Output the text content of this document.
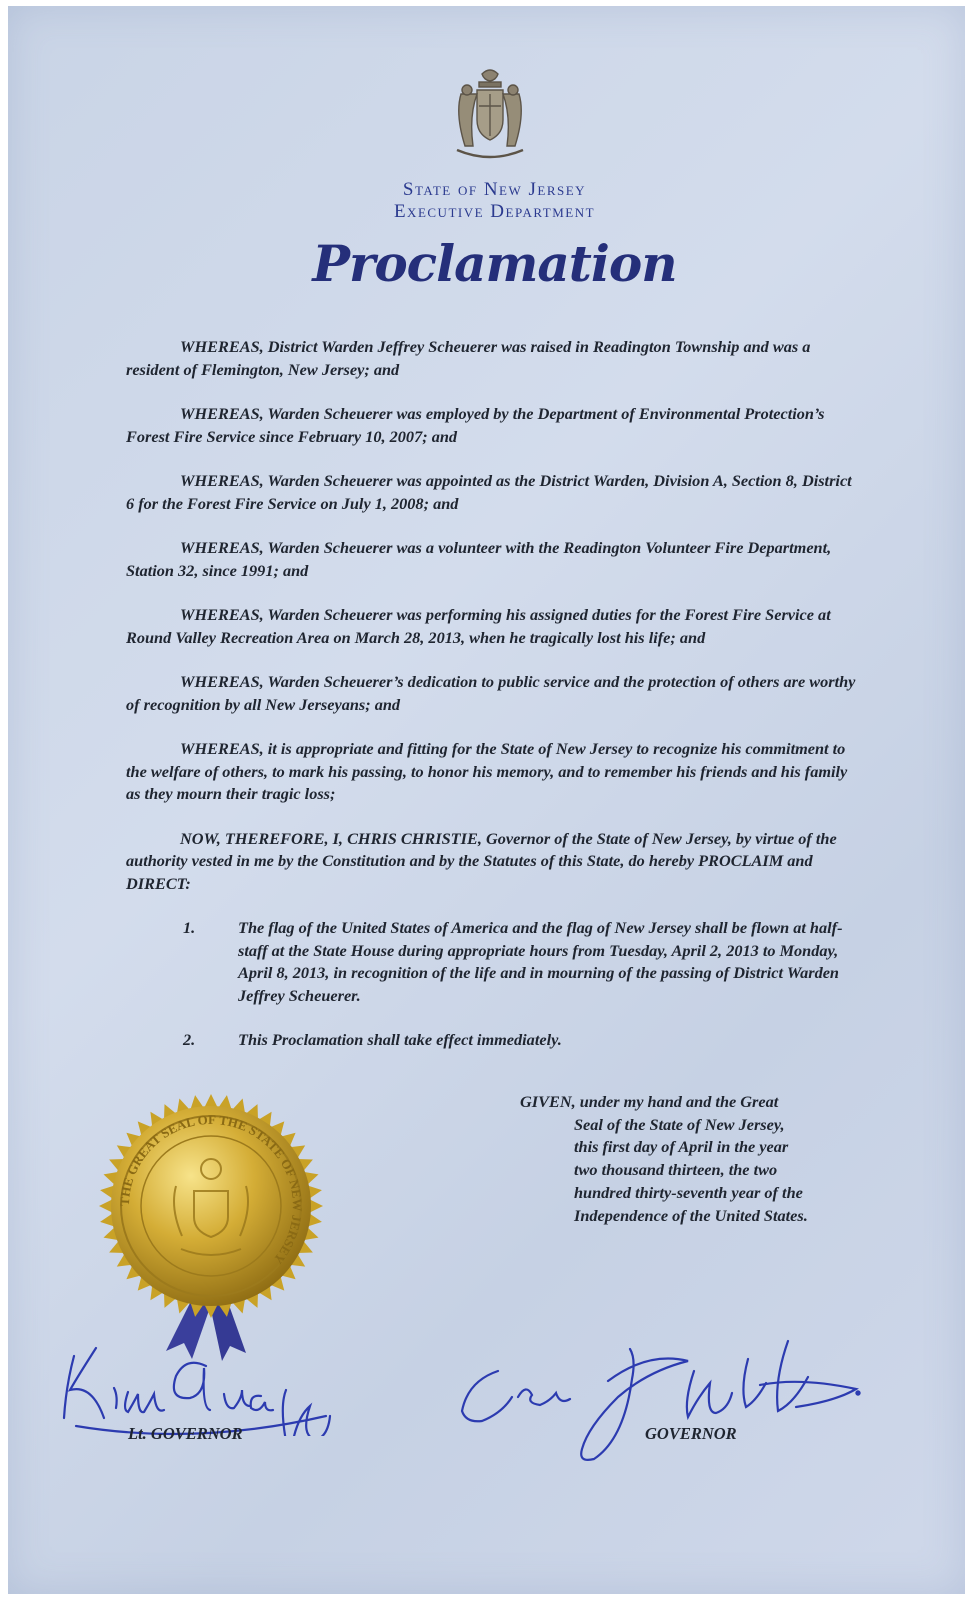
State of New Jersey
Executive Department
Proclamation

WHEREAS, District Warden Jeffrey Scheuerer was raised in Readington Township and was a resident of Flemington, New Jersey; and

WHEREAS, Warden Scheuerer was employed by the Department of Environmental Protection’s Forest Fire Service since February 10, 2007; and

WHEREAS, Warden Scheuerer was appointed as the District Warden, Division A, Section 8, District 6 for the Forest Fire Service on July 1, 2008; and

WHEREAS, Warden Scheuerer was a volunteer with the Readington Volunteer Fire Department, Station 32, since 1991; and

WHEREAS, Warden Scheuerer was performing his assigned duties for the Forest Fire Service at Round Valley Recreation Area on March 28, 2013, when he tragically lost his life; and

WHEREAS, Warden Scheuerer’s dedication to public service and the protection of others are worthy of recognition by all New Jerseyans; and

WHEREAS, it is appropriate and fitting for the State of New Jersey to recognize his commitment to the welfare of others, to mark his passing, to honor his memory, and to remember his friends and his family as they mourn their tragic loss;

NOW, THEREFORE, I, CHRIS CHRISTIE, Governor of the State of New Jersey, by virtue of the authority vested in me by the Constitution and by the Statutes of this State, do hereby PROCLAIM and DIRECT:

1.	The flag of the United States of America and the flag of New Jersey shall be flown at half-staff at the State House during appropriate hours from Tuesday, April 2, 2013 to Monday, April 8, 2013, in recognition of the life and in mourning of the passing of District Warden Jeffrey Scheuerer.
2.	This Proclamation shall take effect immediately.
GIVEN, under my hand and the Great
Seal of the State of New Jersey,
this first day of April in the year
two thousand thirteen, the two
hundred thirty-seventh year of the
Independence of the United States.
THE GREAT SEAL OF THE STATE OF NEW JERSEY
Lt. GOVERNOR	GOVERNOR
